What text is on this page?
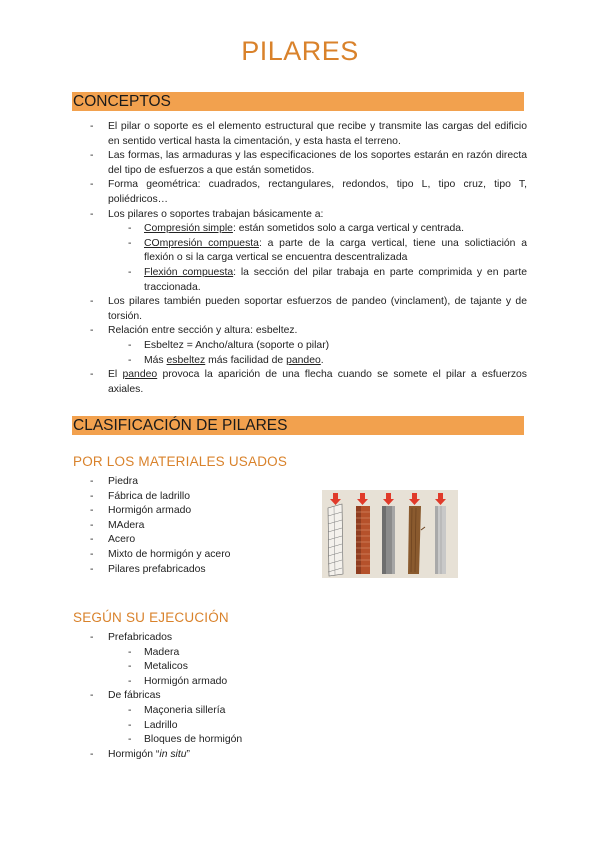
PILARES
CONCEPTOS
- El pilar o soporte es el elemento estructural que recibe y transmite las cargas del edificio en sentido vertical hasta la cimentación, y esta hasta el terreno.
- Las formas, las armaduras y las especificaciones de los soportes estarán en razón directa del tipo de esfuerzos a que están sometidos.
- Forma geométrica: cuadrados, rectangulares, redondos, tipo L, tipo cruz, tipo T, poliédricos…
- Los pilares o soportes trabajan básicamente a:
- Compresión simple: están sometidos solo a carga vertical y centrada.
- COmpresión compuesta: a parte de la carga vertical, tiene una solictiación a flexión o si la carga vertical se encuentra descentralizada
- Flexión compuesta: la sección del pilar trabaja en parte comprimida y en parte traccionada.
- Los pilares también pueden soportar esfuerzos de pandeo (vinclament), de tajante y de torsión.
- Relación entre sección y altura: esbeltez.
- Esbeltez = Ancho/altura (soporte o pilar)
- Más esbeltez más facilidad de pandeo.
- El pandeo provoca la aparición de una flecha cuando se somete el pilar a esfuerzos axiales.
CLASIFICACIÓN DE PILARES
POR LOS MATERIALES USADOS
- Piedra
- Fábrica de ladrillo
- Hormigón armado
- MAdera
- Acero
- Mixto de hormigón y acero
- Pilares prefabricados
SEGÚN SU EJECUCIÓN
- Prefabricados
- Madera
- Metalicos
- Hormigón armado
- De fábricas
- Maçoneria sillería
- Ladrillo
- Bloques de hormigón
- Hormigón “in situ”
